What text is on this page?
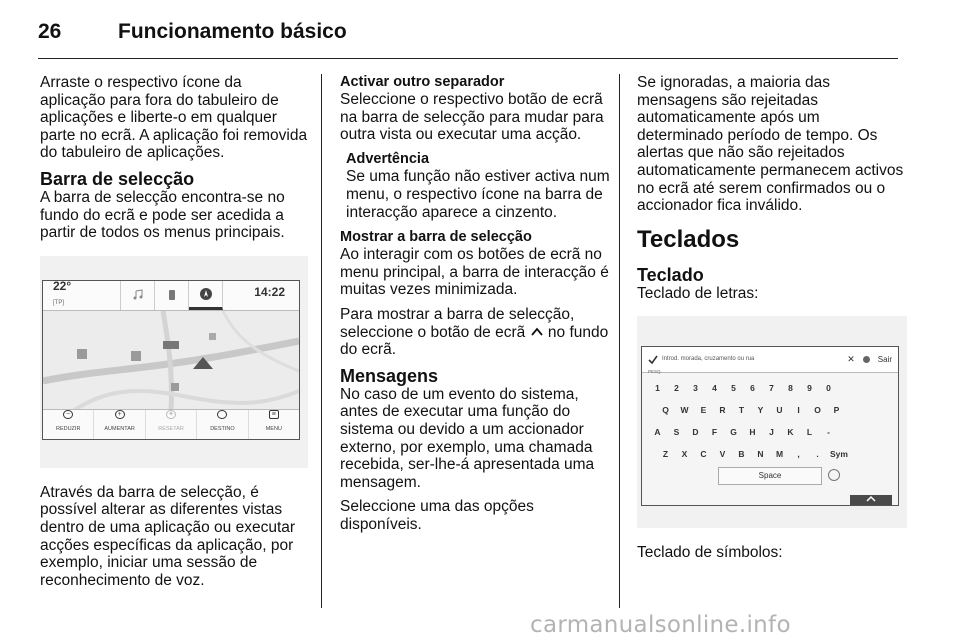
26	Funcionamento básico

Arraste o respectivo ícone da aplicação para fora do tabuleiro de aplicações e liberte-o em qualquer parte no ecrã. A aplicação foi removida do tabuleiro de aplicações.

Barra de selecção

A barra de selecção encontra-se no fundo do ecrã e pode ser acedida a partir de todos os menus principais.

22°
[TP]
14:22
−
REDUZIR
+
AUMENTAR
✦
RESETAR	DESTINO
≡
MENU

Através da barra de selecção, é possível alterar as diferentes vistas dentro de uma aplicação ou executar acções específicas da aplicação, por exemplo, iniciar uma sessão de reconhecimento de voz.

Activar outro separador

Seleccione o respectivo botão de ecrã na barra de selecção para mudar para outra vista ou executar uma acção.

Advertência
Se uma função não estiver activa num menu, o respectivo ícone na barra de interacção aparece a cinzento.
Mostrar a barra de selecção

Ao interagir com os botões de ecrã no menu principal, a barra de interacção é muitas vezes minimizada.

Para mostrar a barra de selecção, seleccione o botão de ecrã no fundo do ecrã.

Mensagens

No caso de um evento do sistema, antes de executar uma função do sistema ou devido a um accionador externo, por exemplo, uma chamada recebida, ser-lhe-á apresentada uma mensagem.

Seleccione uma das opções disponíveis.

Se ignoradas, a maioria das mensagens são rejeitadas automaticamente após um determinado período de tempo. Os alertas que não são rejeitados automaticamente permanecem activos no ecrã até serem confirmados ou o accionador fica inválido.

Teclados
Teclado

Teclado de letras:

Introd. morada, cruzamento ou rua	✕	Sair
PESQ.
1	2	3	4	5	6	7	8	9	0
Q	W	E	R	T	Y	U	I	O	P
A	S	D	F	G	H	J	K	L	-
Z	X	C	V	B	N	M	,	.	Sym
Space

Teclado de símbolos:

carmanualsonline.info
